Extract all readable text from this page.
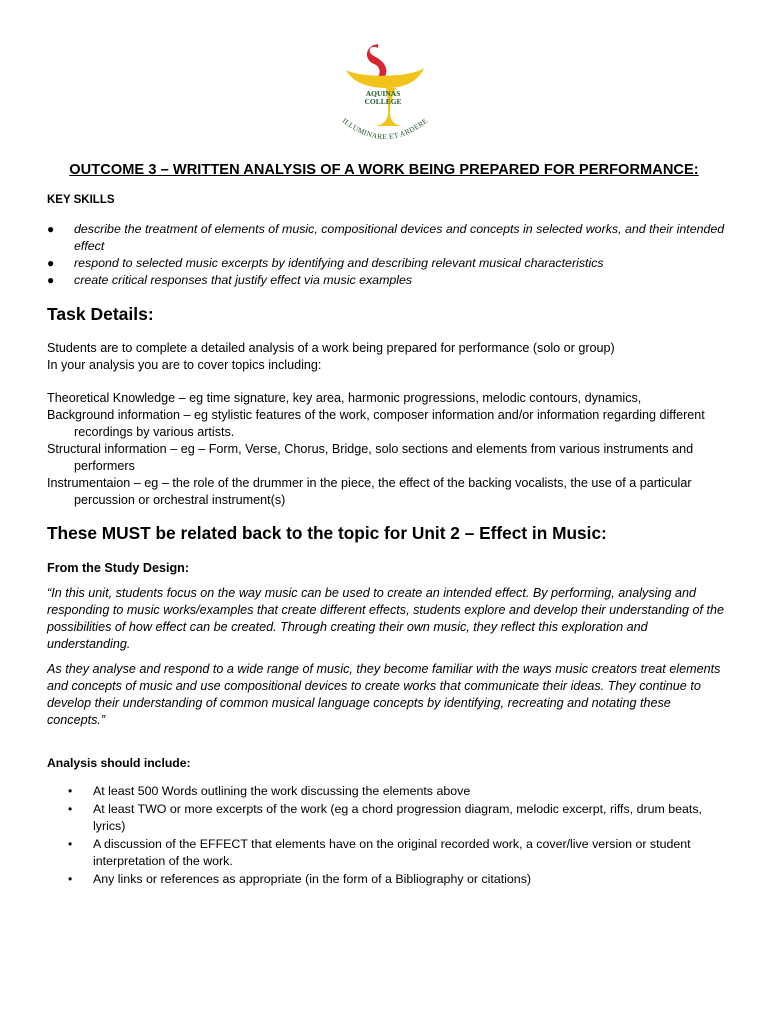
AQUINAS
COLLEGE
ILLUMINARE ET ARDERE
OUTCOME 3 – WRITTEN ANALYSIS OF A WORK BEING PREPARED FOR PERFORMANCE:
KEY SKILLS
● describe the treatment of elements of music, compositional devices and concepts in selected works, and their intended effect
● respond to selected music excerpts by identifying and describing relevant musical characteristics
● create critical responses that justify effect via music examples
Task Details:
Students are to complete a detailed analysis of a work being prepared for performance (solo or group)
In your analysis you are to cover topics including:

Theoretical Knowledge – eg time signature, key area, harmonic progressions, melodic contours, dynamics,

Background information – eg stylistic features of the work, composer information and/or information regarding different recordings by various artists.

Structural information – eg – Form, Verse, Chorus, Bridge, solo sections and elements from various instruments and performers

Instrumentaion – eg – the role of the drummer in the piece, the effect of the backing vocalists, the use of a particular percussion or orchestral instrument(s)

These MUST be related back to the topic for Unit 2 – Effect in Music:
From the Study Design:

“In this unit, students focus on the way music can be used to create an intended effect. By performing, analysing and responding to music works/examples that create different effects, students explore and develop their understanding of the possibilities of how effect can be created. Through creating their own music, they reflect this exploration and understanding.

As they analyse and respond to a wide range of music, they become familiar with the ways music creators treat elements and concepts of music and use compositional devices to create works that communicate their ideas. They continue to develop their understanding of common musical language concepts by identifying, recreating and notating these concepts.”

Analysis should include:
• At least 500 Words outlining the work discussing the elements above
• At least TWO or more excerpts of the work (eg a chord progression diagram, melodic excerpt, riffs, drum beats, lyrics)
• A discussion of the EFFECT that elements have on the original recorded work, a cover/live version or student interpretation of the work.
• Any links or references as appropriate (in the form of a Bibliography or citations)
